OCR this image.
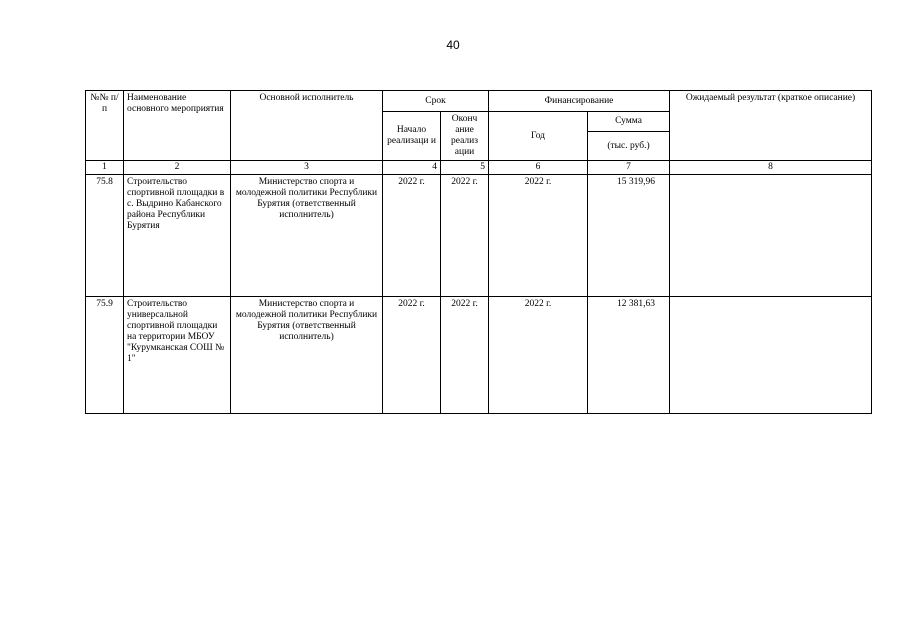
40
№№ п/п	Наименование основного мероприятия	Основной исполнитель	Срок		Финансирование		Ожидаемый результат (краткое описание)
			Начало реализаци и	Оконч ание реализ ации	Год	Сумма	
						(тыс. руб.)	
1	2	3	4	5	6	7	8
75.8	Строительство спортивной площадки в с. Выдрино Кабанского района Республики Бурятия	Министерство спорта и молодежной политики Республики Бурятия (ответственный исполнитель)	2022 г.	2022 г.	2022 г.	15 319,96	
75.9	Строительство универсальной спортивной площадки на территории МБОУ "Курумканская СОШ № 1"	Министерство спорта и молодежной политики Республики Бурятия (ответственный исполнитель)	2022 г.	2022 г.	2022 г.	12 381,63	
